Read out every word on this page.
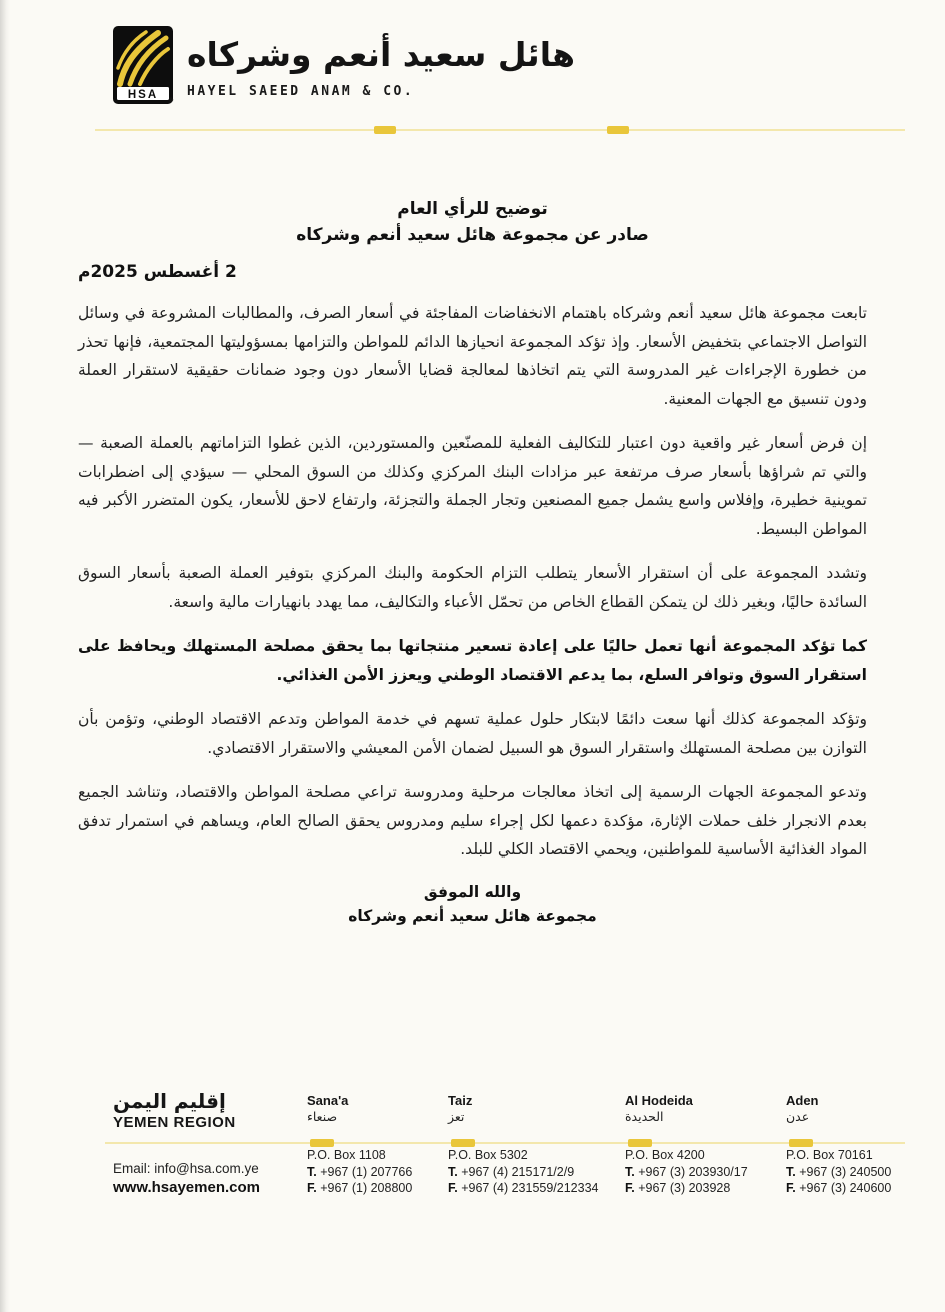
HSA ®
هائل سعيد أنعم وشركاه
HAYEL SAEED ANAM & CO.
توضيح للرأي العام
صادر عن مجموعة هائل سعيد أنعم وشركاه
2 أغسطس 2025م

تابعت مجموعة هائل سعيد أنعم وشركاه باهتمام الانخفاضات المفاجئة في أسعار الصرف، والمطالبات المشروعة في وسائل التواصل الاجتماعي بتخفيض الأسعار. وإذ تؤكد المجموعة انحيازها الدائم للمواطن والتزامها بمسؤوليتها المجتمعية، فإنها تحذر من خطورة الإجراءات غير المدروسة التي يتم اتخاذها لمعالجة قضايا الأسعار دون وجود ضمانات حقيقية لاستقرار العملة ودون تنسيق مع الجهات المعنية.

إن فرض أسعار غير واقعية دون اعتبار للتكاليف الفعلية للمصنّعين والمستوردين، الذين غطوا التزاماتهم بالعملة الصعبة — والتي تم شراؤها بأسعار صرف مرتفعة عبر مزادات البنك المركزي وكذلك من السوق المحلي — سيؤدي إلى اضطرابات تموينية خطيرة، وإفلاس واسع يشمل جميع المصنعين وتجار الجملة والتجزئة، وارتفاع لاحق للأسعار، يكون المتضرر الأكبر فيه المواطن البسيط.

وتشدد المجموعة على أن استقرار الأسعار يتطلب التزام الحكومة والبنك المركزي بتوفير العملة الصعبة بأسعار السوق السائدة حاليًا، وبغير ذلك لن يتمكن القطاع الخاص من تحمّل الأعباء والتكاليف، مما يهدد بانهيارات مالية واسعة.

كما تؤكد المجموعة أنها تعمل حاليًا على إعادة تسعير منتجاتها بما يحقق مصلحة المستهلك ويحافظ على استقرار السوق وتوافر السلع، بما يدعم الاقتصاد الوطني ويعزز الأمن الغذائي.

وتؤكد المجموعة كذلك أنها سعت دائمًا لابتكار حلول عملية تسهم في خدمة المواطن وتدعم الاقتصاد الوطني، وتؤمن بأن التوازن بين مصلحة المستهلك واستقرار السوق هو السبيل لضمان الأمن المعيشي والاستقرار الاقتصادي.

وتدعو المجموعة الجهات الرسمية إلى اتخاذ معالجات مرحلية ومدروسة تراعي مصلحة المواطن والاقتصاد، وتناشد الجميع بعدم الانجرار خلف حملات الإثارة، مؤكدة دعمها لكل إجراء سليم ومدروس يحقق الصالح العام، ويساهم في استمرار تدفق المواد الغذائية الأساسية للمواطنين، ويحمي الاقتصاد الكلي للبلد.

والله الموفق
مجموعة هائل سعيد أنعم وشركاه
إقليم اليمن
YEMEN REGION
Email: info@hsa.com.ye
www.hsayemen.com
Sana'a
صنعاء
P.O. Box 1108
T. +967 (1) 207766
F. +967 (1) 208800
Taiz
تعز
P.O. Box 5302
T. +967 (4) 215171/2/9
F. +967 (4) 231559/212334
Al Hodeida
الحديدة
P.O. Box 4200
T. +967 (3) 203930/17
F. +967 (3) 203928
Aden
عدن
P.O. Box 70161
T. +967 (3) 240500
F. +967 (3) 240600
